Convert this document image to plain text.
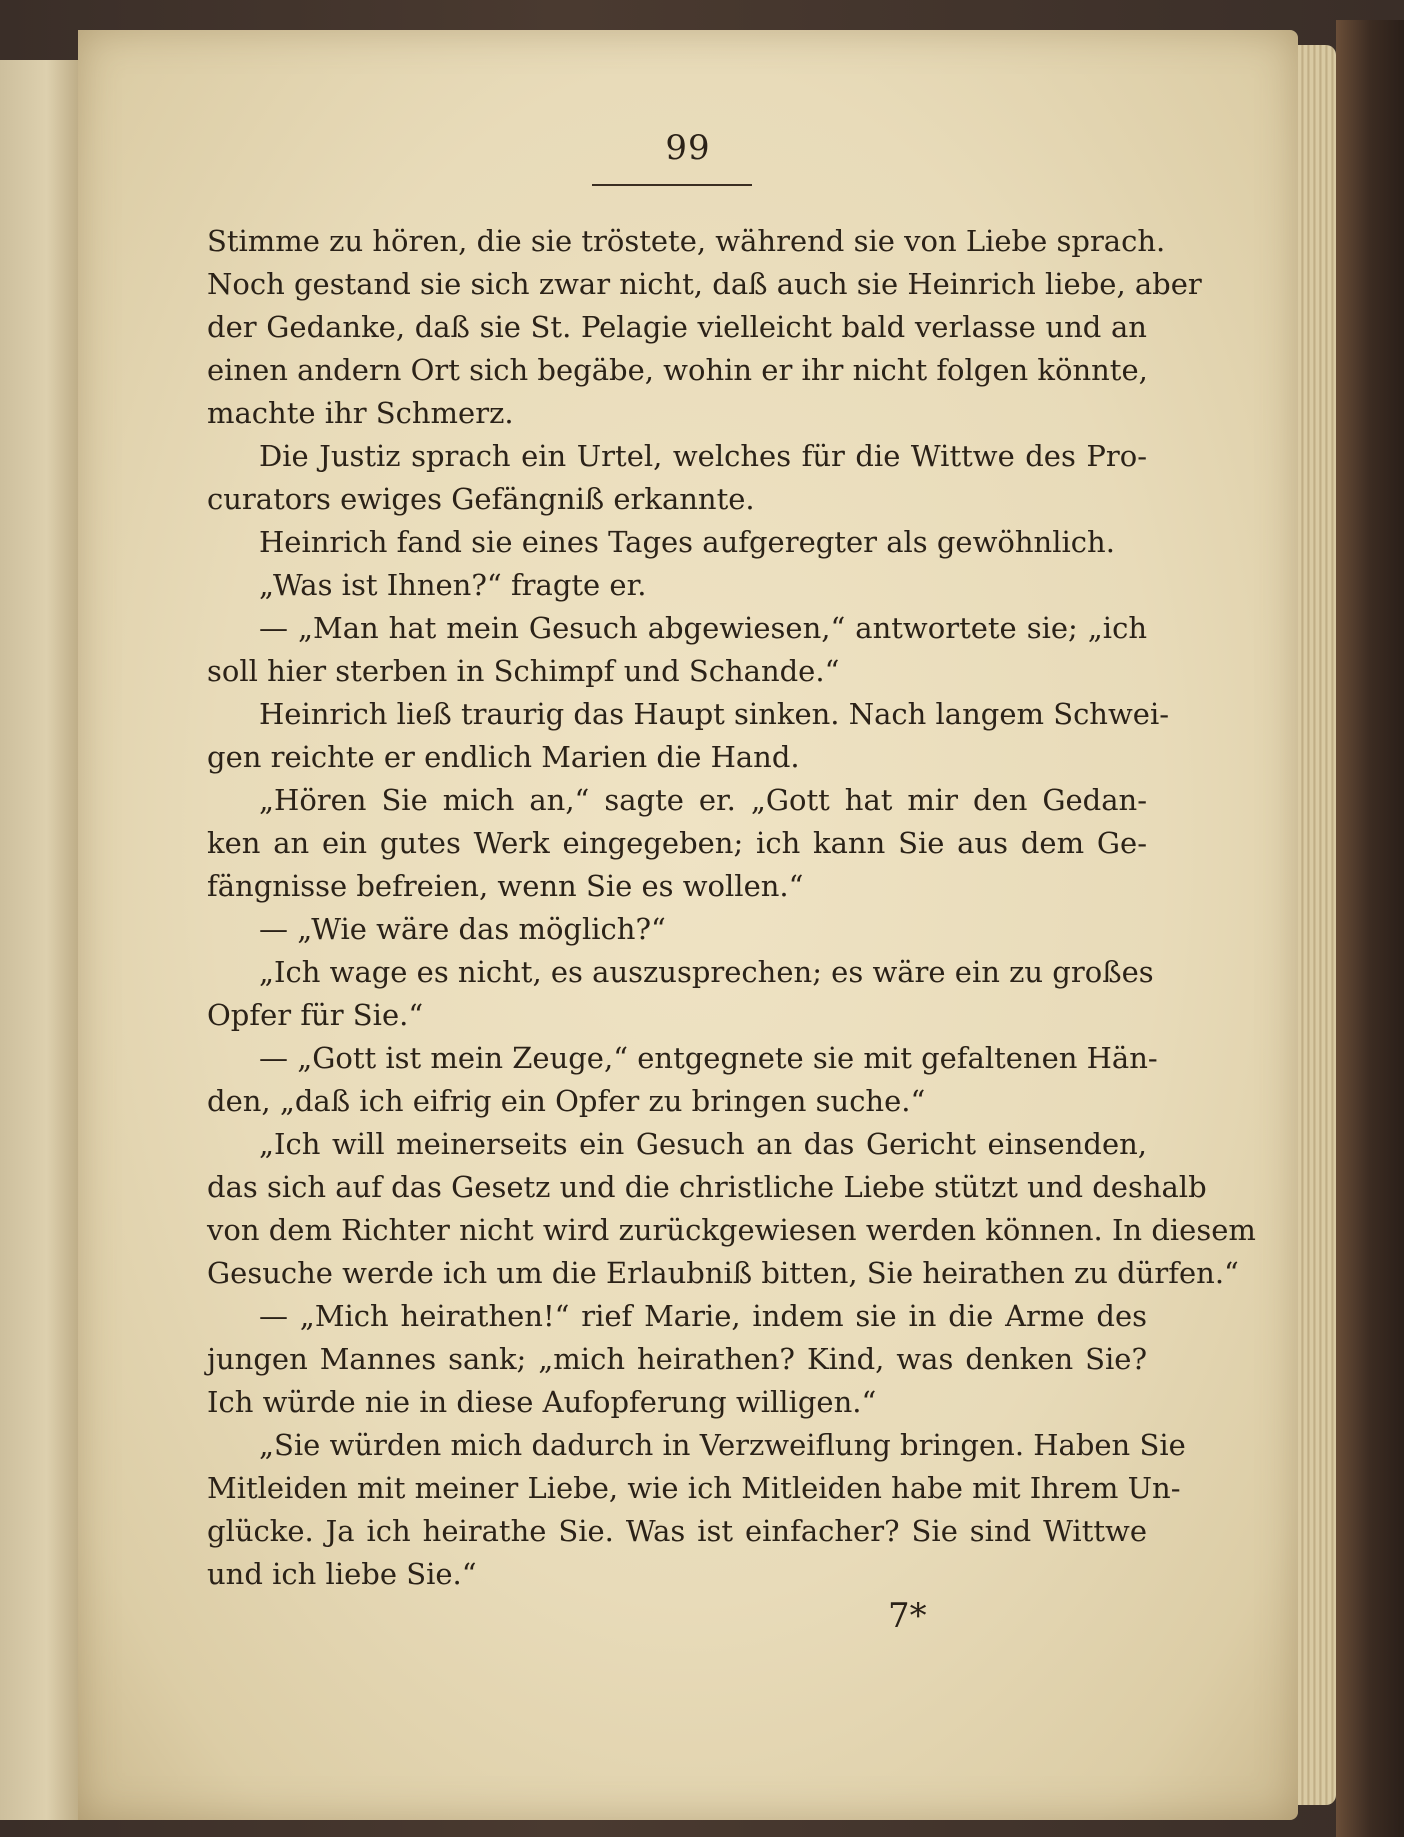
99
Stimme zu hören, die sie tröstete, während sie von Liebe sprach.
Noch gestand sie sich zwar nicht, daß auch sie Heinrich liebe, aber
der Gedanke, daß sie St. Pelagie vielleicht bald verlasse und an
einen andern Ort sich begäbe, wohin er ihr nicht folgen könnte,
machte ihr Schmerz.
Die Justiz sprach ein Urtel, welches für die Wittwe des Pro-
curators ewiges Gefängniß erkannte.
Heinrich fand sie eines Tages aufgeregter als gewöhnlich.
„Was ist Ihnen?“ fragte er.
— „Man hat mein Gesuch abgewiesen,“ antwortete sie; „ich
soll hier sterben in Schimpf und Schande.“
Heinrich ließ traurig das Haupt sinken. Nach langem Schwei-
gen reichte er endlich Marien die Hand.
„Hören Sie mich an,“ sagte er. „Gott hat mir den Gedan-
ken an ein gutes Werk eingegeben; ich kann Sie aus dem Ge-
fängnisse befreien, wenn Sie es wollen.“
— „Wie wäre das möglich?“
„Ich wage es nicht, es auszusprechen; es wäre ein zu großes
Opfer für Sie.“
— „Gott ist mein Zeuge,“ entgegnete sie mit gefaltenen Hän-
den, „daß ich eifrig ein Opfer zu bringen suche.“
„Ich will meinerseits ein Gesuch an das Gericht einsenden,
das sich auf das Gesetz und die christliche Liebe stützt und deshalb
von dem Richter nicht wird zurückgewiesen werden können. In diesem
Gesuche werde ich um die Erlaubniß bitten, Sie heirathen zu dürfen.“
— „Mich heirathen!“ rief Marie, indem sie in die Arme des
jungen Mannes sank; „mich heirathen? Kind, was denken Sie?
Ich würde nie in diese Aufopferung willigen.“
„Sie würden mich dadurch in Verzweiflung bringen. Haben Sie
Mitleiden mit meiner Liebe, wie ich Mitleiden habe mit Ihrem Un-
glücke. Ja ich heirathe Sie. Was ist einfacher? Sie sind Wittwe
und ich liebe Sie.“
7*
